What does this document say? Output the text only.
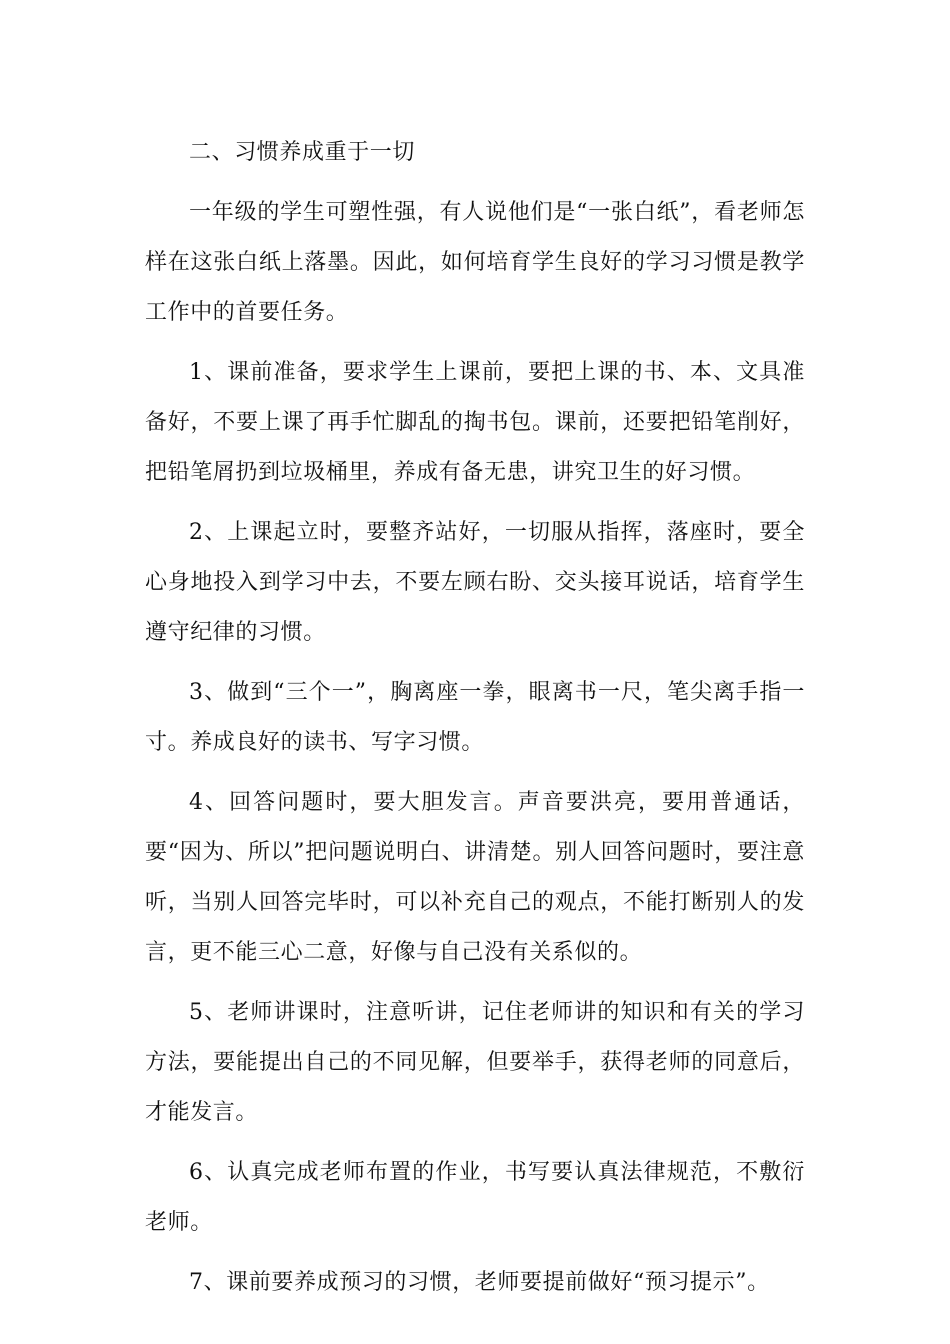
二、习惯养成重于一切

一年级的学生可塑性强，有人说他们是“一张白纸”，看老师怎样在这张白纸上落墨。因此，如何培育学生良好的学习习惯是教学工作中的首要任务。

1、课前准备，要求学生上课前，要把上课的书、本、文具准备好，不要上课了再手忙脚乱的掏书包。课前，还要把铅笔削好，把铅笔屑扔到垃圾桶里，养成有备无患，讲究卫生的好习惯。

2、上课起立时，要整齐站好，一切服从指挥，落座时，要全心身地投入到学习中去，不要左顾右盼、交头接耳说话，培育学生遵守纪律的习惯。

3、做到“三个一”，胸离座一拳，眼离书一尺，笔尖离手指一寸。养成良好的读书、写字习惯。

4、回答问题时，要大胆发言。声音要洪亮，要用普通话，要“因为、所以”把问题说明白、讲清楚。别人回答问题时，要注意听，当别人回答完毕时，可以补充自己的观点，不能打断别人的发言，更不能三心二意，好像与自己没有关系似的。

5、老师讲课时，注意听讲，记住老师讲的知识和有关的学习方法，要能提出自己的不同见解，但要举手，获得老师的同意后，才能发言。

6、认真完成老师布置的作业，书写要认真法律规范，不敷衍老师。

7、课前要养成预习的习惯，老师要提前做好“预习提示”。
